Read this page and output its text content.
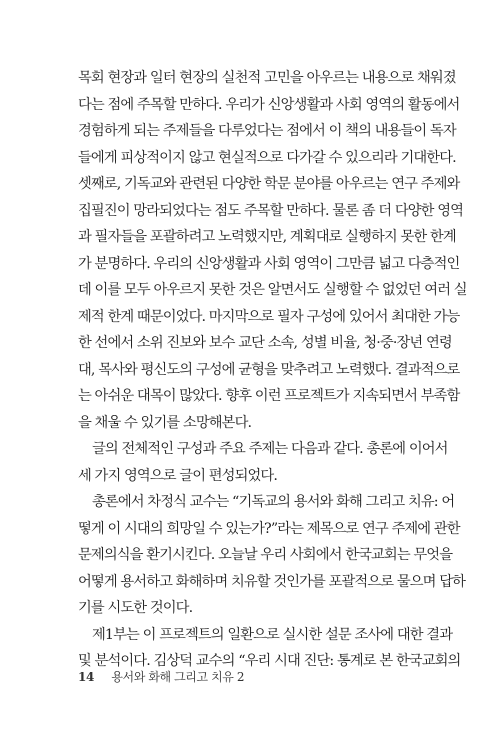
목회 현장과 일터 현장의 실천적 고민을 아우르는 내용으로 채워졌
다는 점에 주목할 만하다. 우리가 신앙생활과 사회 영역의 활동에서
경험하게 되는 주제들을 다루었다는 점에서 이 책의 내용들이 독자
들에게 피상적이지 않고 현실적으로 다가갈 수 있으리라 기대한다.
셋째로, 기독교와 관련된 다양한 학문 분야를 아우르는 연구 주제와
집필진이 망라되었다는 점도 주목할 만하다. 물론 좀 더 다양한 영역
과 필자들을 포괄하려고 노력했지만, 계획대로 실행하지 못한 한계
가 분명하다. 우리의 신앙생활과 사회 영역이 그만큼 넓고 다층적인
데 이를 모두 아우르지 못한 것은 알면서도 실행할 수 없었던 여러 실
제적 한계 때문이었다. 마지막으로 필자 구성에 있어서 최대한 가능
한 선에서 소위 진보와 보수 교단 소속, 성별 비율, 청·중·장년 연령
대, 목사와 평신도의 구성에 균형을 맞추려고 노력했다. 결과적으로
는 아쉬운 대목이 많았다. 향후 이런 프로젝트가 지속되면서 부족함
을 채울 수 있기를 소망해본다.
글의 전체적인 구성과 주요 주제는 다음과 같다. 총론에 이어서
세 가지 영역으로 글이 편성되었다.
총론에서 차정식 교수는 “기독교의 용서와 화해 그리고 치유: 어
떻게 이 시대의 희망일 수 있는가?”라는 제목으로 연구 주제에 관한
문제의식을 환기시킨다. 오늘날 우리 사회에서 한국교회는 무엇을
어떻게 용서하고 화해하며 치유할 것인가를 포괄적으로 물으며 답하
기를 시도한 것이다.
제1부는 이 프로젝트의 일환으로 실시한 설문 조사에 대한 결과
및 분석이다. 김상덕 교수의 “우리 시대 진단: 통계로 본 한국교회의
14 용서와 화해 그리고 치유 2
